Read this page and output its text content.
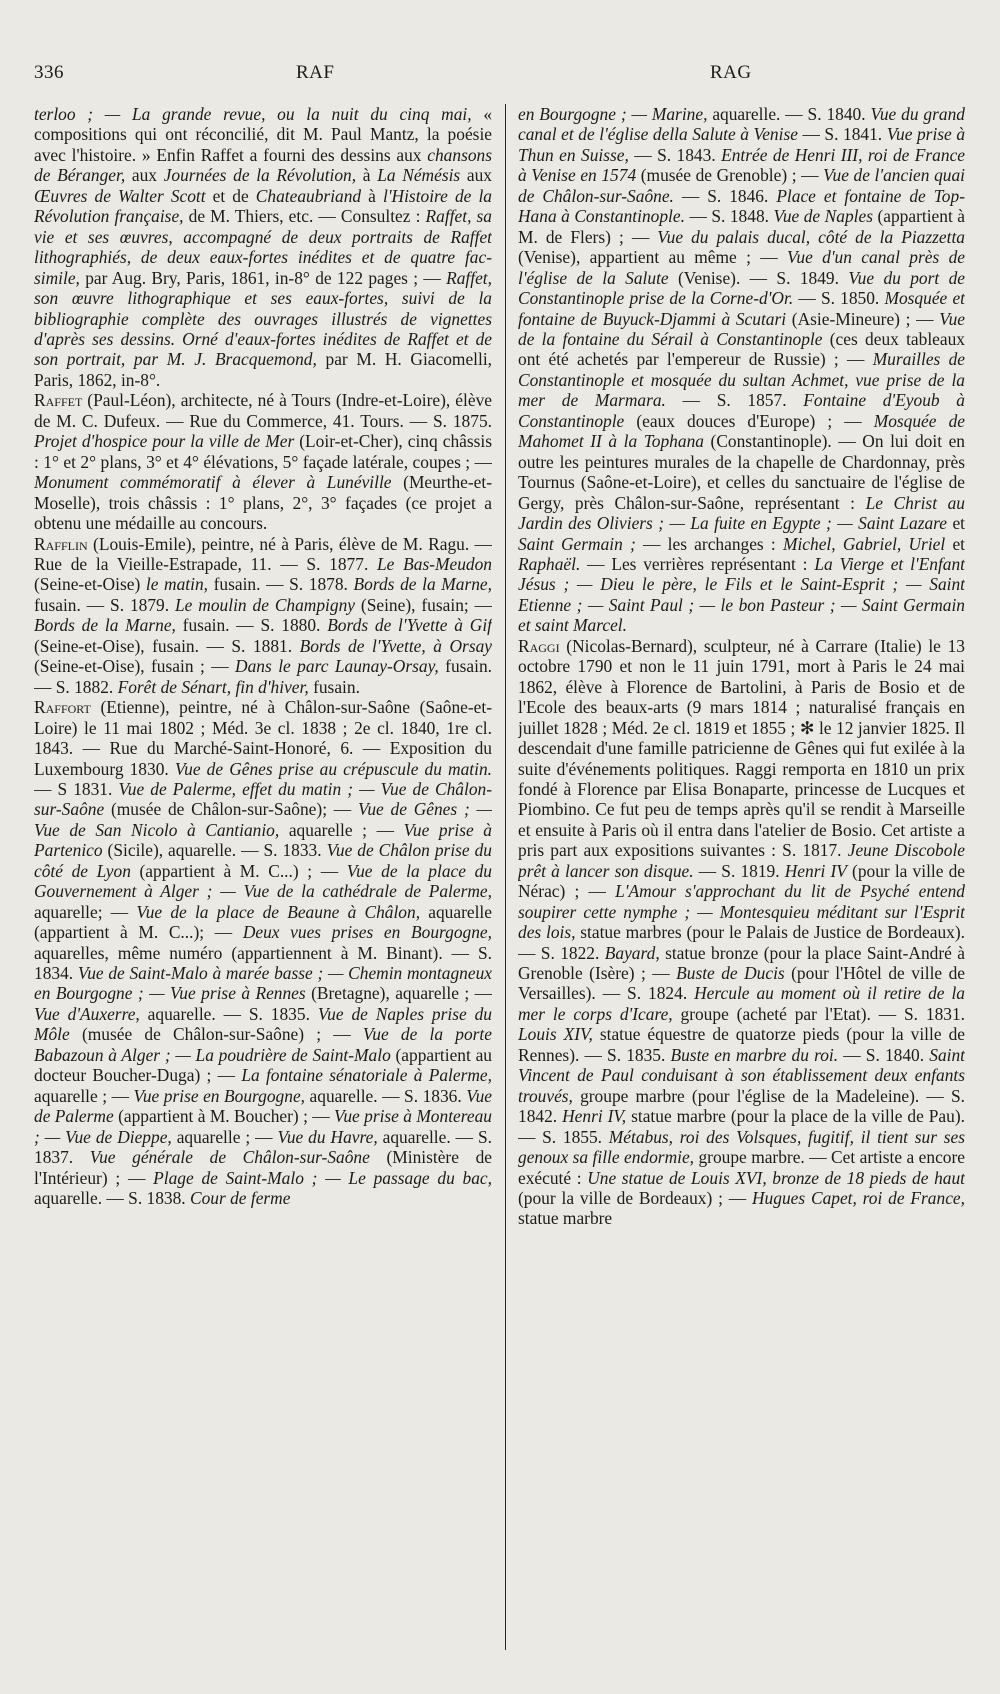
336	RAF	RAG

terloo ; — La grande revue, ou la nuit du cinq mai, « compositions qui ont réconcilié, dit M. Paul Mantz, la poésie avec l'histoire. » Enfin Raffet a fourni des dessins aux chansons de Béranger, aux Journées de la Révolution, à La Némésis aux Œuvres de Walter Scott et de Chateaubriand à l'Histoire de la Révolution française, de M. Thiers, etc. — Consultez : Raffet, sa vie et ses œuvres, accompagné de deux portraits de Raffet lithographiés, de deux eaux-fortes inédites et de quatre fac-simile, par Aug. Bry, Paris, 1861, in-8° de 122 pages ; — Raffet, son œuvre lithographique et ses eaux-fortes, suivi de la bibliographie complète des ouvrages illustrés de vignettes d'après ses dessins. Orné d'eaux-fortes inédites de Raffet et de son portrait, par M. J. Bracquemond, par M. H. Giacomelli, Paris, 1862, in-8°.

Raffet (Paul-Léon), architecte, né à Tours (Indre-et-Loire), élève de M. C. Dufeux. — Rue du Commerce, 41. Tours. — S. 1875. Projet d'hospice pour la ville de Mer (Loir-et-Cher), cinq châssis : 1° et 2° plans, 3° et 4° élévations, 5° façade latérale, coupes ; — Monument commémoratif à élever à Lunéville (Meurthe-et-Moselle), trois châssis : 1° plans, 2°, 3° façades (ce projet a obtenu une médaille au concours.

Rafflin (Louis-Emile), peintre, né à Paris, élève de M. Ragu. — Rue de la Vieille-Estrapade, 11. — S. 1877. Le Bas-Meudon (Seine-et-Oise) le matin, fusain. — S. 1878. Bords de la Marne, fusain. — S. 1879. Le moulin de Champigny (Seine), fusain; — Bords de la Marne, fusain. — S. 1880. Bords de l'Yvette à Gif (Seine-et-Oise), fusain. — S. 1881. Bords de l'Yvette, à Orsay (Seine-et-Oise), fusain ; — Dans le parc Launay-Orsay, fusain. — S. 1882. Forêt de Sénart, fin d'hiver, fusain.

Raffort (Etienne), peintre, né à Châlon-sur-Saône (Saône-et-Loire) le 11 mai 1802 ; Méd. 3e cl. 1838 ; 2e cl. 1840, 1re cl. 1843. — Rue du Marché-Saint-Honoré, 6. — Exposition du Luxembourg 1830. Vue de Gênes prise au crépuscule du matin. — S 1831. Vue de Palerme, effet du matin ; — Vue de Châlon-sur-Saône (musée de Châlon-sur-Saône); — Vue de Gênes ; — Vue de San Nicolo à Cantianio, aquarelle ; — Vue prise à Partenico (Sicile), aquarelle. — S. 1833. Vue de Châlon prise du côté de Lyon (appartient à M. C...) ; — Vue de la place du Gouvernement à Alger ; — Vue de la cathédrale de Palerme, aquarelle; — Vue de la place de Beaune à Châlon, aquarelle (appartient à M. C...); — Deux vues prises en Bourgogne, aquarelles, même numéro (appartiennent à M. Binant). — S. 1834. Vue de Saint-Malo à marée basse ; — Chemin montagneux en Bourgogne ; — Vue prise à Rennes (Bretagne), aquarelle ; — Vue d'Auxerre, aquarelle. — S. 1835. Vue de Naples prise du Môle (musée de Châlon-sur-Saône) ; — Vue de la porte Babazoun à Alger ; — La poudrière de Saint-Malo (appartient au docteur Boucher-Duga) ; — La fontaine sénatoriale à Palerme, aquarelle ; — Vue prise en Bourgogne, aquarelle. — S. 1836. Vue de Palerme (appartient à M. Boucher) ; — Vue prise à Montereau ; — Vue de Dieppe, aquarelle ; — Vue du Havre, aquarelle. — S. 1837. Vue générale de Châlon-sur-Saône (Ministère de l'Intérieur) ; — Plage de Saint-Malo ; — Le passage du bac, aquarelle. — S. 1838. Cour de ferme

en Bourgogne ; — Marine, aquarelle. — S. 1840. Vue du grand canal et de l'église della Salute à Venise — S. 1841. Vue prise à Thun en Suisse, — S. 1843. Entrée de Henri III, roi de France à Venise en 1574 (musée de Grenoble) ; — Vue de l'ancien quai de Châlon-sur-Saône. — S. 1846. Place et fontaine de Top-Hana à Constantinople. — S. 1848. Vue de Naples (appartient à M. de Flers) ; — Vue du palais ducal, côté de la Piazzetta (Venise), appartient au même ; — Vue d'un canal près de l'église de la Salute (Venise). — S. 1849. Vue du port de Constantinople prise de la Corne-d'Or. — S. 1850. Mosquée et fontaine de Buyuck-Djammi à Scutari (Asie-Mineure) ; — Vue de la fontaine du Sérail à Constantinople (ces deux tableaux ont été achetés par l'empereur de Russie) ; — Murailles de Constantinople et mosquée du sultan Achmet, vue prise de la mer de Marmara. — S. 1857. Fontaine d'Eyoub à Constantinople (eaux douces d'Europe) ; — Mosquée de Mahomet II à la Tophana (Constantinople). — On lui doit en outre les peintures murales de la chapelle de Chardonnay, près Tournus (Saône-et-Loire), et celles du sanctuaire de l'église de Gergy, près Châlon-sur-Saône, représentant : Le Christ au Jardin des Oliviers ; — La fuite en Egypte ; — Saint Lazare et Saint Germain ; — les archanges : Michel, Gabriel, Uriel et Raphaël. — Les verrières représentant : La Vierge et l'Enfant Jésus ; — Dieu le père, le Fils et le Saint-Esprit ; — Saint Etienne ; — Saint Paul ; — le bon Pasteur ; — Saint Germain et saint Marcel.

Raggi (Nicolas-Bernard), sculpteur, né à Carrare (Italie) le 13 octobre 1790 et non le 11 juin 1791, mort à Paris le 24 mai 1862, élève à Florence de Bartolini, à Paris de Bosio et de l'Ecole des beaux-arts (9 mars 1814 ; naturalisé français en juillet 1828 ; Méd. 2e cl. 1819 et 1855 ; ✻ le 12 janvier 1825. Il descendait d'une famille patricienne de Gênes qui fut exilée à la suite d'événements politiques. Raggi remporta en 1810 un prix fondé à Florence par Elisa Bonaparte, princesse de Lucques et Piombino. Ce fut peu de temps après qu'il se rendit à Marseille et ensuite à Paris où il entra dans l'atelier de Bosio. Cet artiste a pris part aux expositions suivantes : S. 1817. Jeune Discobole prêt à lancer son disque. — S. 1819. Henri IV (pour la ville de Nérac) ; — L'Amour s'approchant du lit de Psyché entend soupirer cette nymphe ; — Montesquieu méditant sur l'Esprit des lois, statue marbres (pour le Palais de Justice de Bordeaux). — S. 1822. Bayard, statue bronze (pour la place Saint-André à Grenoble (Isère) ; — Buste de Ducis (pour l'Hôtel de ville de Versailles). — S. 1824. Hercule au moment où il retire de la mer le corps d'Icare, groupe (acheté par l'Etat). — S. 1831. Louis XIV, statue équestre de quatorze pieds (pour la ville de Rennes). — S. 1835. Buste en marbre du roi. — S. 1840. Saint Vincent de Paul conduisant à son établissement deux enfants trouvés, groupe marbre (pour l'église de la Madeleine). — S. 1842. Henri IV, statue marbre (pour la place de la ville de Pau). — S. 1855. Métabus, roi des Volsques, fugitif, il tient sur ses genoux sa fille endormie, groupe marbre. — Cet artiste a encore exécuté : Une statue de Louis XVI, bronze de 18 pieds de haut (pour la ville de Bordeaux) ; — Hugues Capet, roi de France, statue marbre
